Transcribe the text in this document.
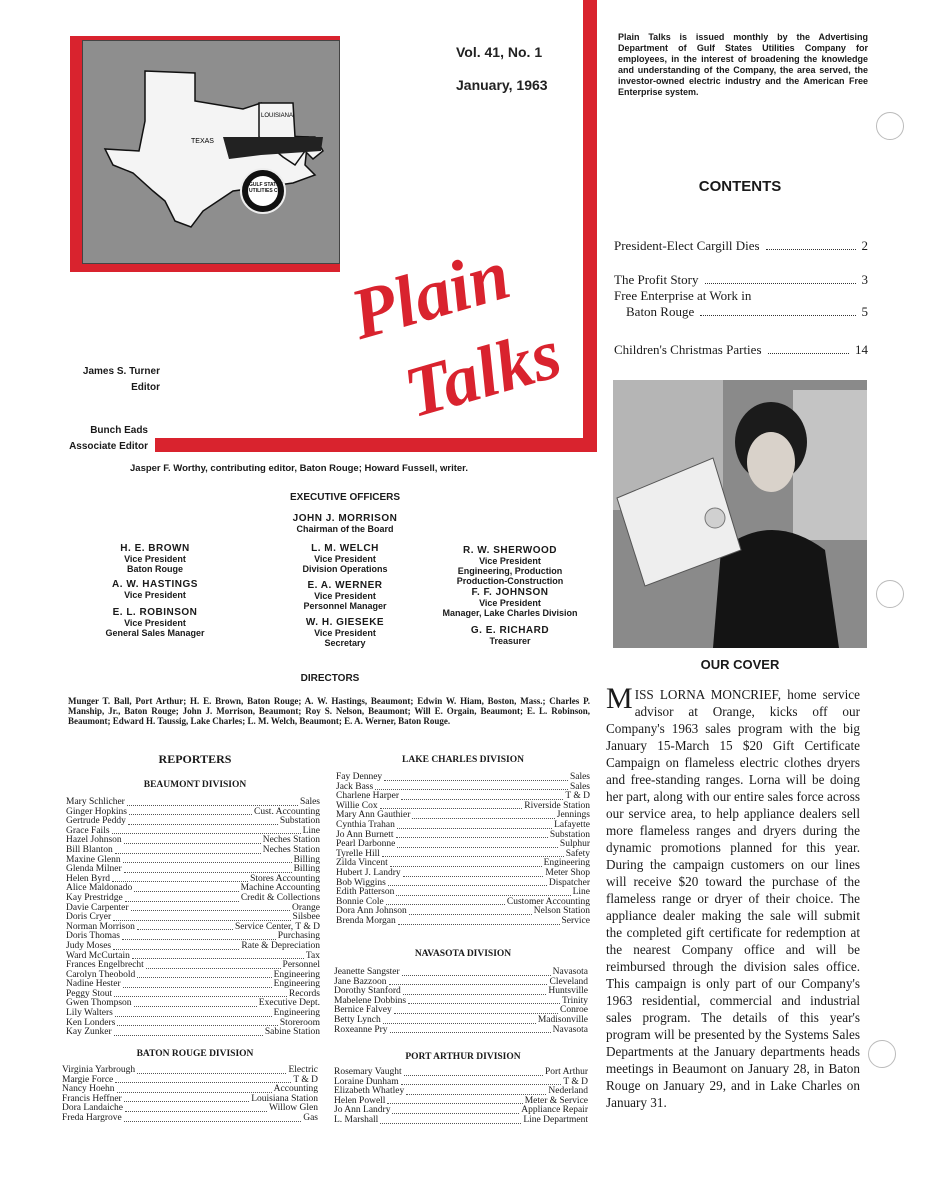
TEXAS
LOUISIANA
GULF STATES UTILITIES CO.
Vol. 41, No. 1
January, 1963
Plain
Talks
James S. Turner
Editor
Bunch Eads
Associate Editor
Jasper F. Worthy, contributing editor, Baton Rouge; Howard Fussell, writer.
Plain Talks is issued monthly by the Advertising Department of Gulf States Utilities Company for employees, in the interest of broadening the knowledge and understanding of the Company, the area served, the investor-owned electric industry and the American Free Enterprise system.
CONTENTS
President-Elect Cargill Dies	2
The Profit Story	3
Free Enterprise at Work in
Baton Rouge	5
Children's Christmas Parties	14
OUR COVER
MISS LORNA MONCRIEF, home service advisor at Orange, kicks off our Company's 1963 sales program with the big January 15-March 15 $20 Gift Certificate Campaign on flameless electric clothes dryers and free-standing ranges. Lorna will be doing her part, along with our entire sales force across our service area, to help appliance dealers sell more flameless ranges and dryers during the dynamic promotions planned for this year. During the campaign customers on our lines will receive $20 toward the purchase of the flameless range or dryer of their choice. The appliance dealer making the sale will submit the completed gift certificate for redemption at the nearest Company office and will be reimbursed through the division sales office. This campaign is only part of our Company's 1963 residential, commercial and industrial sales program. The details of this year's program will be presented by the Systems Sales Departments at the January departments heads meetings in Beaumont on January 28, in Baton Rouge on January 29, and in Lake Charles on January 31.
EXECUTIVE OFFICERS
JOHN J. MORRISON
Chairman of the Board
H. E. BROWN
Vice President
Baton Rouge
A. W. HASTINGS
Vice President
E. L. ROBINSON
Vice President
General Sales Manager
L. M. WELCH
Vice President
Division Operations
E. A. WERNER
Vice President
Personnel Manager
W. H. GIESEKE
Vice President
Secretary
R. W. SHERWOOD
Vice President
Engineering, Production
Production-Construction
F. F. JOHNSON
Vice President
Manager, Lake Charles Division
G. E. RICHARD
Treasurer
DIRECTORS
Munger T. Ball, Port Arthur; H. E. Brown, Baton Rouge; A. W. Hastings, Beaumont; Edwin W. Hiam, Boston, Mass.; Charles P. Manship, Jr., Baton Rouge; John J. Morrison, Beaumont; Roy S. Nelson, Beaumont; Will E. Orgain, Beaumont; E. L. Robinson, Beaumont; Edward H. Taussig, Lake Charles; L. M. Welch, Beaumont; E. A. Werner, Baton Rouge.
REPORTERS
BEAUMONT DIVISION
Mary Schlicher	Sales
Ginger Hopkins	Cust. Accounting
Gertrude Peddy	Substation
Grace Fails	Line
Hazel Johnson	Neches Station
Bill Blanton	Neches Station
Maxine Glenn	Billing
Glenda Milner	Billing
Helen Byrd	Stores Accounting
Alice Maldonado	Machine Accounting
Kay Prestridge	Credit & Collections
Davie Carpenter	Orange
Doris Cryer	Silsbee
Norman Morrison	Service Center, T & D
Doris Thomas	Purchasing
Judy Moses	Rate & Depreciation
Ward McCurtain	Tax
Frances Engelbrecht	Personnel
Carolyn Theobold	Engineering
Nadine Hester	Engineering
Peggy Stout	Records
Gwen Thompson	Executive Dept.
Lily Walters	Engineering
Ken Londers	Storeroom
Kay Zunker	Sabine Station
BATON ROUGE DIVISION
Virginia Yarbrough	Electric
Margie Force	T & D
Nancy Hoehn	Accounting
Francis Heffner	Louisiana Station
Dora Landaiche	Willow Glen
Freda Hargrove	Gas
LAKE CHARLES DIVISION
Fay Denney	Sales
Jack Bass	Sales
Charlene Harper	T & D
Willie Cox	Riverside Station
Mary Ann Gauthier	Jennings
Cynthia Trahan	Lafayette
Jo Ann Burnett	Substation
Pearl Darbonne	Sulphur
Tyrelle Hill	Safety
Zilda Vincent	Engineering
Hubert J. Landry	Meter Shop
Bob Wiggins	Dispatcher
Edith Patterson	Line
Bonnie Cole	Customer Accounting
Dora Ann Johnson	Nelson Station
Brenda Morgan	Service
NAVASOTA DIVISION
Jeanette Sangster	Navasota
Jane Bazzoon	Cleveland
Dorothy Stanford	Huntsville
Mabelene Dobbins	Trinity
Bernice Falvey	Conroe
Betty Lynch	Madisonville
Roxeanne Pry	Navasota
PORT ARTHUR DIVISION
Rosemary Vaught	Port Arthur
Loraine Dunham	T & D
Elizabeth Whatley	Nederland
Helen Powell	Meter & Service
Jo Ann Landry	Appliance Repair
L. Marshall	Line Department
